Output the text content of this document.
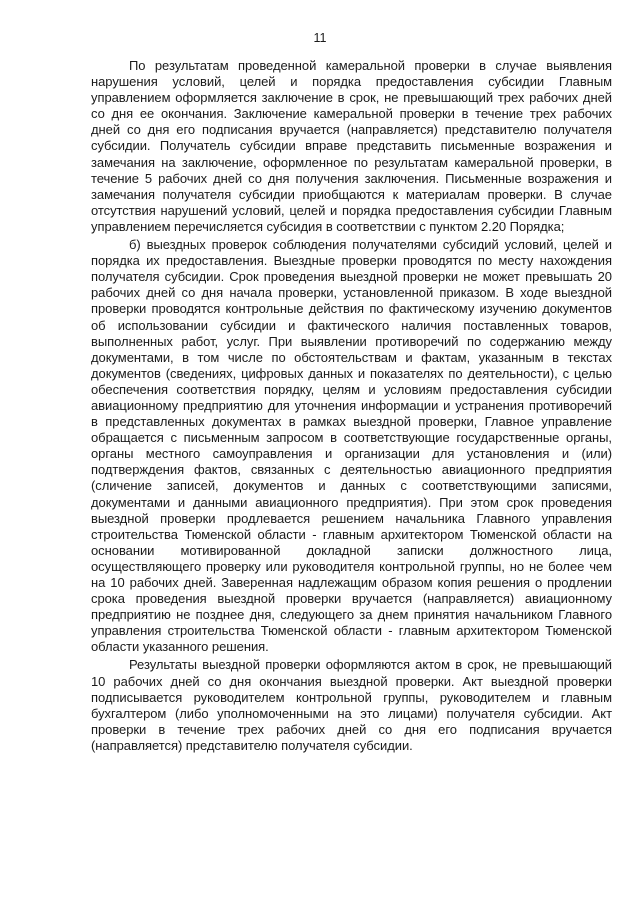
11

По результатам проведенной камеральной проверки в случае выявления нарушения условий, целей и порядка предоставления субсидии Главным управлением оформляется заключение в срок, не превышающий трех рабочих дней со дня ее окончания. Заключение камеральной проверки в течение трех рабочих дней со дня его подписания вручается (направляется) представителю получателя субсидии. Получатель субсидии вправе представить письменные возражения и замечания на заключение, оформленное по результатам камеральной проверки, в течение 5 рабочих дней со дня получения заключения. Письменные возражения и замечания получателя субсидии приобщаются к материалам проверки. В случае отсутствия нарушений условий, целей и порядка предоставления субсидии Главным управлением перечисляется субсидия в соответствии с пунктом 2.20 Порядка;

б) выездных проверок соблюдения получателями субсидий условий, целей и порядка их предоставления. Выездные проверки проводятся по месту нахождения получателя субсидии. Срок проведения выездной проверки не может превышать 20 рабочих дней со дня начала проверки, установленной приказом. В ходе выездной проверки проводятся контрольные действия по фактическому изучению документов об использовании субсидии и фактического наличия поставленных товаров, выполненных работ, услуг. При выявлении противоречий по содержанию между документами, в том числе по обстоятельствам и фактам, указанным в текстах документов (сведениях, цифровых данных и показателях по деятельности), с целью обеспечения соответствия порядку, целям и условиям предоставления субсидии авиационному предприятию для уточнения информации и устранения противоречий в представленных документах в рамках выездной проверки, Главное управление обращается с письменным запросом в соответствующие государственные органы, органы местного самоуправления и организации для установления и (или) подтверждения фактов, связанных с деятельностью авиационного предприятия (сличение записей, документов и данных с соответствующими записями, документами и данными авиационного предприятия). При этом срок проведения выездной проверки продлевается решением начальника Главного управления строительства Тюменской области - главным архитектором Тюменской области на основании мотивированной докладной записки должностного лица, осуществляющего проверку или руководителя контрольной группы, но не более чем на 10 рабочих дней. Заверенная надлежащим образом копия решения о продлении срока проведения выездной проверки вручается (направляется) авиационному предприятию не позднее дня, следующего за днем принятия начальником Главного управления строительства Тюменской области - главным архитектором Тюменской области указанного решения.

Результаты выездной проверки оформляются актом в срок, не превышающий 10 рабочих дней со дня окончания выездной проверки. Акт выездной проверки подписывается руководителем контрольной группы, руководителем и главным бухгалтером (либо уполномоченными на это лицами) получателя субсидии. Акт проверки в течение трех рабочих дней со дня его подписания вручается (направляется) представителю получателя субсидии.
